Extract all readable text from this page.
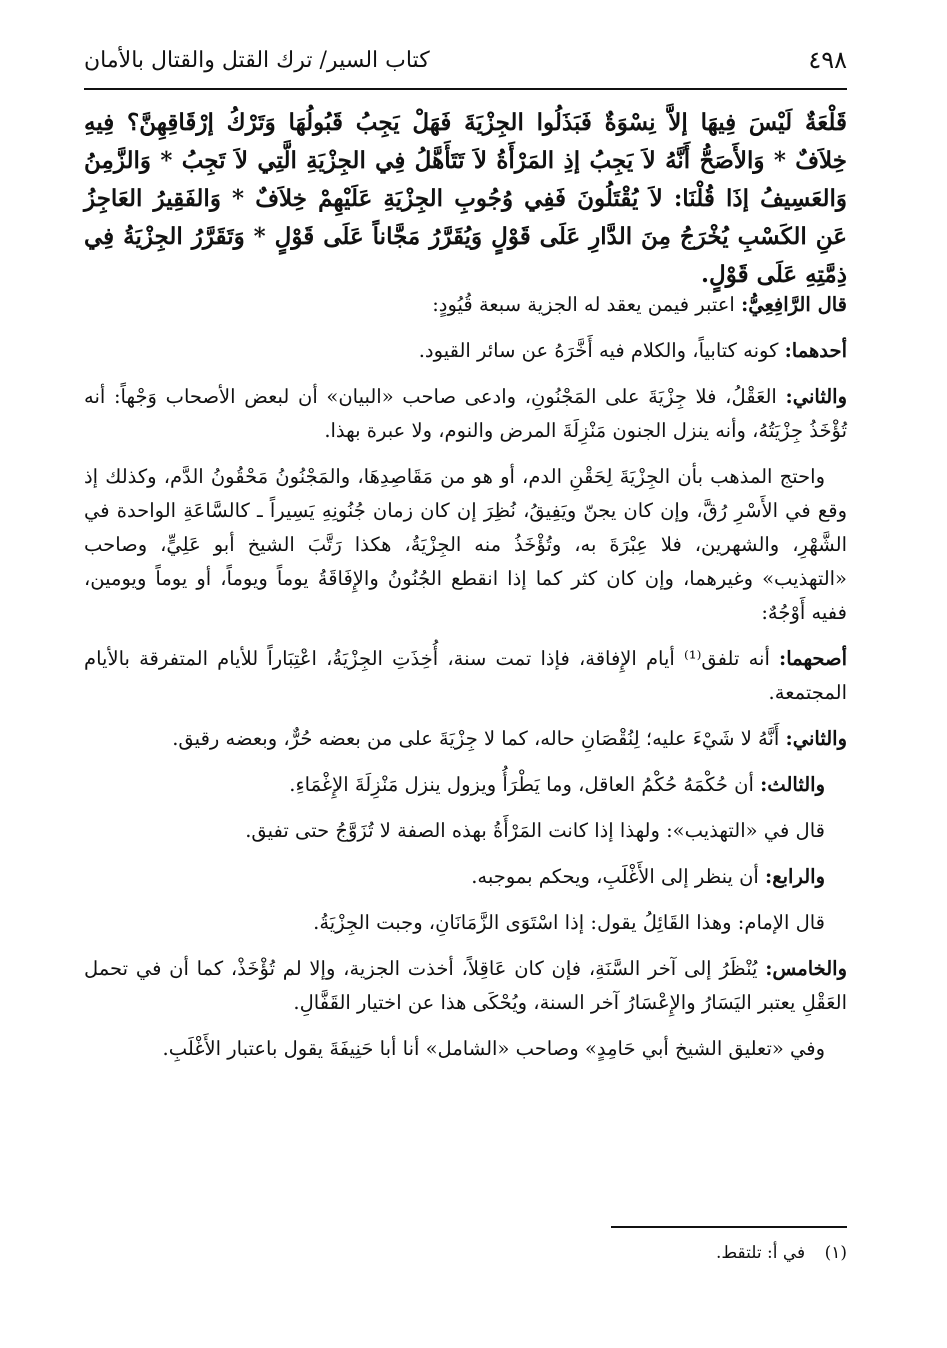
٤٩٨
كتاب السير/ ترك القتل والقتال بالأمان
قَلْعَةٌ لَيْسَ فِيهَا إلاَّ نِسْوَةٌ فَبَذَلُوا الجِزْيَةَ فَهَلْ يَجِبُ قَبُولُهَا وَتَرْكُ إرْقَاقِهِنَّ؟ فِيهِ خِلاَفٌ * وَالأَصَحُّ أَنَّهُ لاَ يَجِبُ إذِ المَرْأَةُ لاَ تَتَأَهَّلُ فِي الجِزْيَةِ الَّتِي لاَ تَجِبُ * وَالزَّمِنُ وَالعَسِيفُ إذَا قُلْنَا: لاَ يُقْتَلُونَ فَفِي وُجُوبِ الجِزْيَةِ عَلَيْهِمْ خِلاَفٌ * وَالفَقِيرُ العَاجِزُ عَنِ الكَسْبِ يُخْرَجُ مِنَ الدَّارِ عَلَى قَوْلٍ وَيُقَرَّرُ مَجَّاناً عَلَى قَوْلٍ * وَتَقَرَّرُ الجِزْيَةُ فِي ذِمَّتِهِ عَلَى قَوْلٍ.

قال الرَّافِعِيُّ: اعتبر فيمن يعقد له الجزية سبعة قُيُودٍ:

أحدهما: كونه كتابياً، والكلام فيه أَخَّرَهُ عن سائر القيود.

والثاني: العَقْلُ، فلا جِزْيَةَ على المَجْنُونِ، وادعى صاحب «البيان» أن لبعض الأصحاب وَجْهاً: أنه تُؤْخَذُ جِزْيَتُهُ، وأنه ينزل الجنون مَنْزِلَةَ المرض والنوم، ولا عبرة بهذا.

واحتج المذهب بأن الجِزْيَةَ لِحَقْنِ الدم، أو هو من مَقَاصِدِهَا، والمَجْنُونُ مَحْقُونُ الدَّم، وكذلك إذ وقع في الأَسْرِ رُقَّ، وإن كان يجنّ ويَفِيقُ، نُظِرَ إن كان زمان جُنُونِهِ يَسِيراً ـ كالسَّاعَةِ الواحدة في الشَّهْرِ، والشهرين، فلا عِبْرَةَ به، وتُؤْخَذُ منه الجِزْيَةُ، هكذا رَتَّبَ الشيخ أبو عَلِيٍّ، وصاحب «التهذيب» وغيرهما، وإن كان كثر كما إذا انقطع الجُنُونُ والإِفَاقَةُ يوماً ويوماً، أو يوماً ويومين، ففيه أَوْجُهٌ:

أصحهما: أنه تلفق⁽¹⁾ أيام الإِفاقة، فإذا تمت سنة، أُخِذَتِ الجِزْيَةُ، اعْتِبَاراً للأيام المتفرقة بالأيام المجتمعة.

والثاني: أَنَّهُ لا شَيْءَ عليه؛ لِنُقْصَانِ حاله، كما لا جِزْيَةَ على من بعضه حُرٌّ، وبعضه رقيق.

والثالث: أن حُكْمَهُ حُكْمُ العاقل، وما يَطْرَأُ ويزول ينزل مَنْزِلَةَ الإِغْمَاءِ.

قال في «التهذيب»: ولهذا إذا كانت المَرْأَةُ بهذه الصفة لا تُزَوَّجُ حتى تفيق.

والرابع: أن ينظر إلى الأَغْلَبِ، ويحكم بموجبه.

قال الإمام: وهذا القَائِلُ يقول: إذا اسْتَوَى الزَّمَانَانِ، وجبت الجِزْيَةُ.

والخامس: يُنْظَرُ إلى آخر السَّنَةِ، فإن كان عَاقِلاً، أخذت الجزية، وإلا لم تُؤْخَذْ، كما أن في تحمل العَقْلِ يعتبر اليَسَارُ والإِعْسَارُ آخر السنة، ويُحْكَى هذا عن اختيار القَفَّالِ.

وفي «تعليق الشيخ أبي حَامِدٍ» وصاحب «الشامل» أنا أبا حَنِيفَةَ يقول باعتبار الأَغْلَبِ.

(١) في أ: تلتقط.
